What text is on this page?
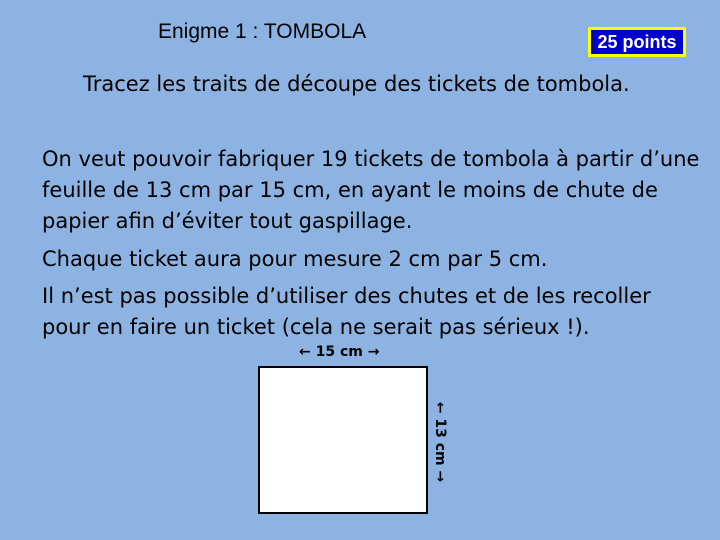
Enigme 1 : TOMBOLA	25 points
Tracez les traits de découpe des tickets de tombola.

On veut pouvoir fabriquer 19 tickets de tombola à partir d’une feuille de 13 cm par 15 cm, en ayant le moins de chute de papier afin d’éviter tout gaspillage.

Chaque ticket aura pour mesure 2 cm par 5 cm.

Il n’est pas possible d’utiliser des chutes et de les recoller pour en faire un ticket (cela ne serait pas sérieux !).

← 15 cm →
← 13 cm →
